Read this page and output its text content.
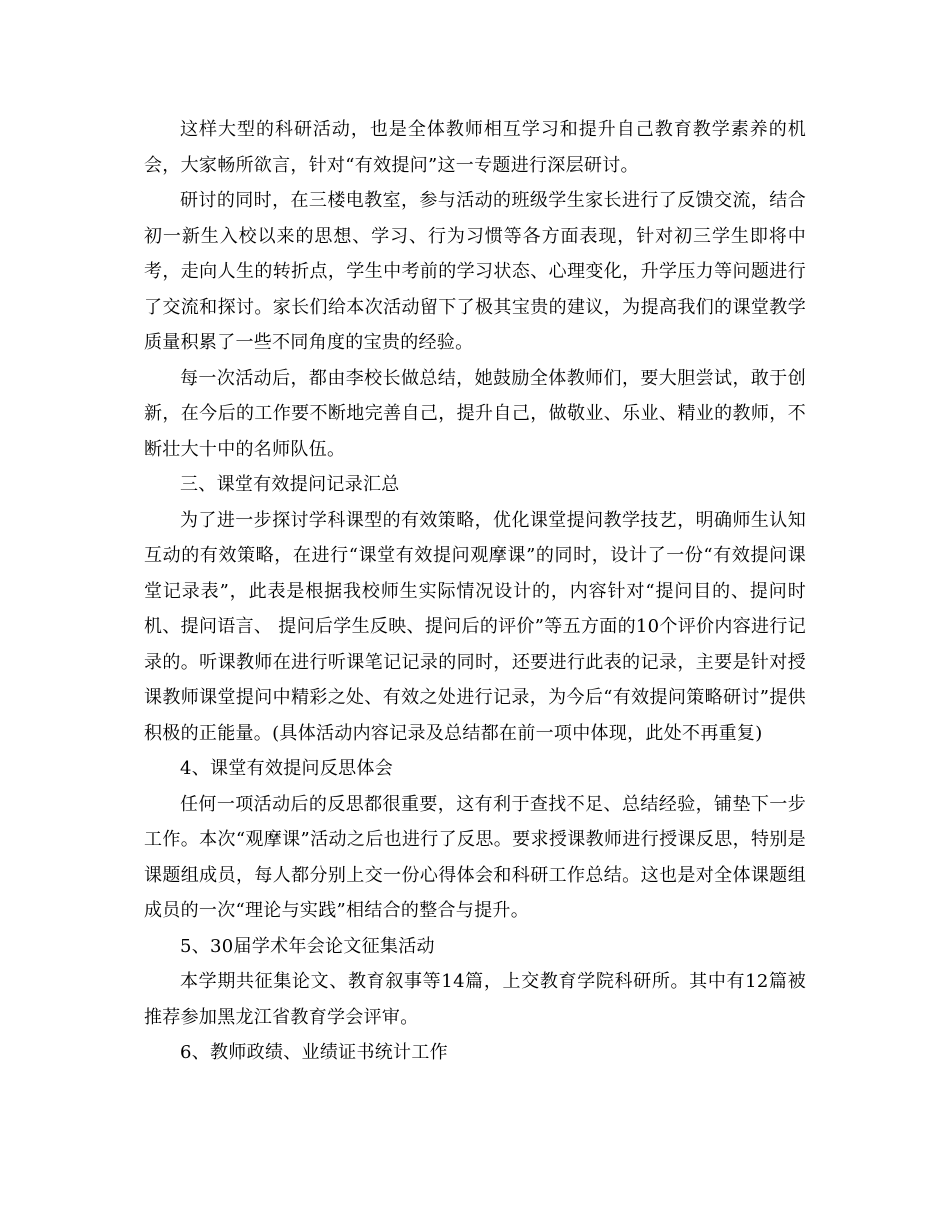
这样大型的科研活动，也是全体教师相互学习和提升自己教育教学素养的机会，大家畅所欲言，针对“有效提问”这一专题进行深层研讨。

研讨的同时，在三楼电教室，参与活动的班级学生家长进行了反馈交流，结合初一新生入校以来的思想、学习、行为习惯等各方面表现，针对初三学生即将中考，走向人生的转折点，学生中考前的学习状态、心理变化，升学压力等问题进行了交流和探讨。家长们给本次活动留下了极其宝贵的建议，为提高我们的课堂教学质量积累了一些不同角度的宝贵的经验。

每一次活动后，都由李校长做总结，她鼓励全体教师们，要大胆尝试，敢于创新，在今后的工作要不断地完善自己，提升自己，做敬业、乐业、精业的教师，不断壮大十中的名师队伍。

三、课堂有效提问记录汇总

为了进一步探讨学科课型的有效策略，优化课堂提问教学技艺，明确师生认知互动的有效策略，在进行“课堂有效提问观摩课”的同时，设计了一份“有效提问课堂记录表”，此表是根据我校师生实际情况设计的，内容针对“提问目的、提问时机、提问语言、 提问后学生反映、提问后的评价”等五方面的10个评价内容进行记录的。听课教师在进行听课笔记记录的同时，还要进行此表的记录，主要是针对授课教师课堂提问中精彩之处、有效之处进行记录，为今后“有效提问策略研讨”提供积极的正能量。(具体活动内容记录及总结都在前一项中体现，此处不再重复)

4、课堂有效提问反思体会

任何一项活动后的反思都很重要，这有利于查找不足、总结经验，铺垫下一步工作。本次“观摩课”活动之后也进行了反思。要求授课教师进行授课反思，特别是课题组成员，每人都分别上交一份心得体会和科研工作总结。这也是对全体课题组成员的一次“理论与实践”相结合的整合与提升。

5、30届学术年会论文征集活动

本学期共征集论文、教育叙事等14篇，上交教育学院科研所。其中有12篇被推荐参加黑龙江省教育学会评审。

6、教师政绩、业绩证书统计工作
